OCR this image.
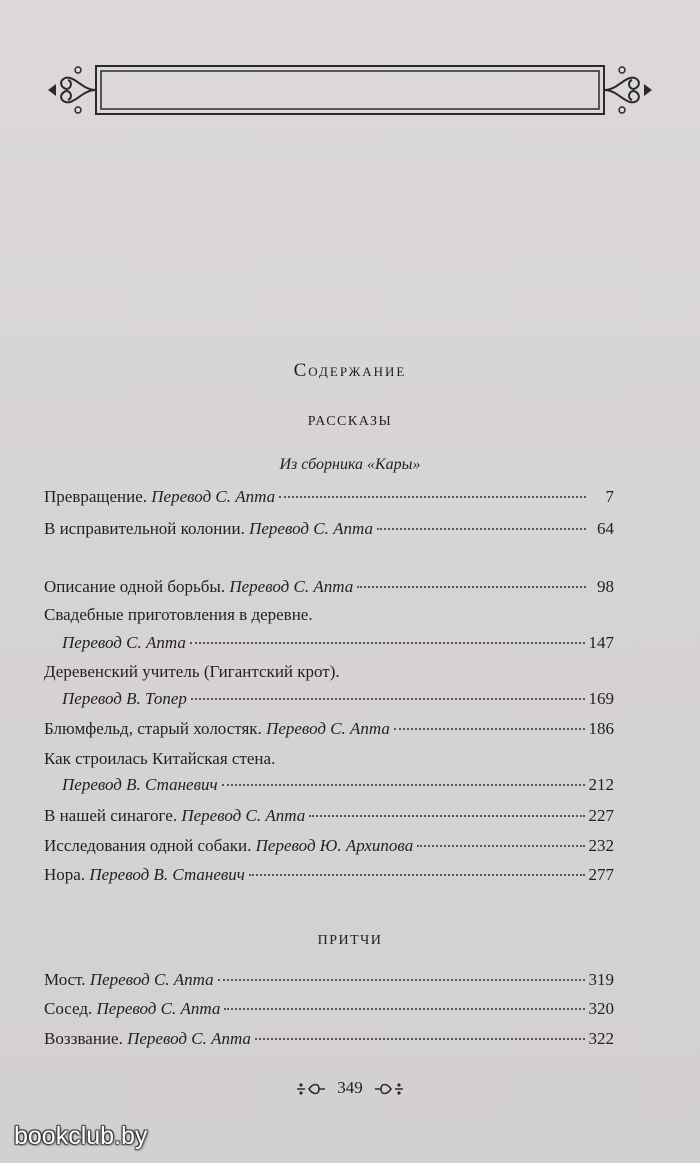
Содержание
РАССКАЗЫ
Из сборника «Кары»
Превращение. Перевод С. Апта	7
В исправительной колонии. Перевод С. Апта	64
Описание одной борьбы. Перевод С. Апта	98
Свадебные приготовления в деревне.
Перевод С. Апта	147
Деревенский учитель (Гигантский крот).
Перевод В. Топер	169
Блюмфельд, старый холостяк. Перевод С. Апта	186
Как строилась Китайская стена.
Перевод В. Станевич	212
В нашей синагоге. Перевод С. Апта	227
Исследования одной собаки. Перевод Ю. Архипова	232
Нора. Перевод В. Станевич	277
ПРИТЧИ
Мост. Перевод С. Апта	319
Сосед. Перевод С. Апта	320
Воззвание. Перевод С. Апта	322
349
bookclub.by
